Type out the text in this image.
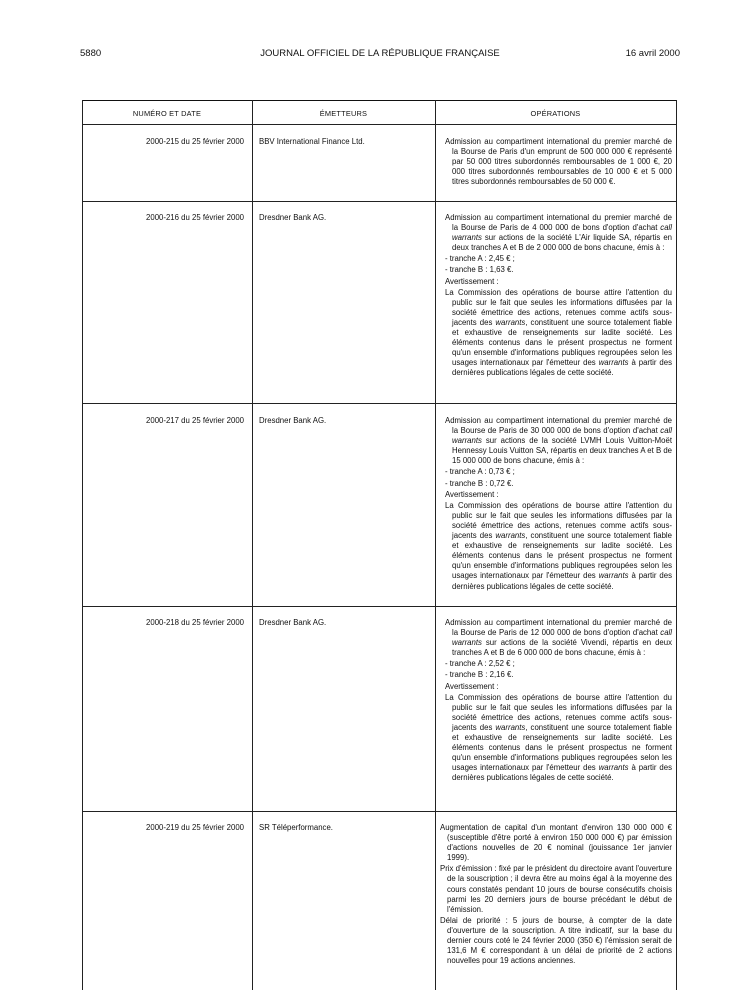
5880	JOURNAL OFFICIEL DE LA RÉPUBLIQUE FRANÇAISE	16 avril 2000
NUMÉRO ET DATE	ÉMETTEURS	OPÉRATIONS
2000-215 du 25 février 2000	BBV International Finance Ltd.	Admission au compartiment international du premier marché de la Bourse de Paris d'un emprunt de 500 000 000 € représenté par 50 000 titres subordonnés remboursables de 1 000 €, 20 000 titres subordonnés remboursables de 10 000 € et 5 000 titres subordonnés remboursables de 50 000 €.

2000-216 du 25 février 2000	Dresdner Bank AG.	Admission au compartiment international du premier marché de la Bourse de Paris de 4 000 000 de bons d'option d'achat call warrants sur actions de la société L'Air liquide SA, répartis en deux tranches A et B de 2 000 000 de bons chacune, émis à :

- tranche A : 2,45 € ;

- tranche B : 1,63 €.

Avertissement :

La Commission des opérations de bourse attire l'attention du public sur le fait que seules les informations diffusées par la société émettrice des actions, retenues comme actifs sous-jacents des warrants, constituent une source totalement fiable et exhaustive de renseignements sur ladite société. Les éléments contenus dans le présent prospectus ne forment qu'un ensemble d'informations publiques regroupées selon les usages internationaux par l'émetteur des warrants à partir des dernières publications légales de cette société.

2000-217 du 25 février 2000	Dresdner Bank AG.	Admission au compartiment international du premier marché de la Bourse de Paris de 30 000 000 de bons d'option d'achat call warrants sur actions de la société LVMH Louis Vuitton-Moët Hennessy Louis Vuitton SA, répartis en deux tranches A et B de 15 000 000 de bons chacune, émis à :

- tranche A : 0,73 € ;

- tranche B : 0,72 €.

Avertissement :

La Commission des opérations de bourse attire l'attention du public sur le fait que seules les informations diffusées par la société émettrice des actions, retenues comme actifs sous-jacents des warrants, constituent une source totalement fiable et exhaustive de renseignements sur ladite société. Les éléments contenus dans le présent prospectus ne forment qu'un ensemble d'informations publiques regroupées selon les usages internationaux par l'émetteur des warrants à partir des dernières publications légales de cette société.

2000-218 du 25 février 2000	Dresdner Bank AG.	Admission au compartiment international du premier marché de la Bourse de Paris de 12 000 000 de bons d'option d'achat call warrants sur actions de la société Vivendi, répartis en deux tranches A et B de 6 000 000 de bons chacune, émis à :

- tranche A : 2,52 € ;

- tranche B : 2,16 €.

Avertissement :

La Commission des opérations de bourse attire l'attention du public sur le fait que seules les informations diffusées par la société émettrice des actions, retenues comme actifs sous-jacents des warrants, constituent une source totalement fiable et exhaustive de renseignements sur ladite société. Les éléments contenus dans le présent prospectus ne forment qu'un ensemble d'informations publiques regroupées selon les usages internationaux par l'émetteur des warrants à partir des dernières publications légales de cette société.

2000-219 du 25 février 2000	SR Téléperformance.	Augmentation de capital d'un montant d'environ 130 000 000 € (susceptible d'être porté à environ 150 000 000 €) par émission d'actions nouvelles de 20 € nominal (jouissance 1er janvier 1999).

Prix d'émission : fixé par le président du directoire avant l'ouverture de la souscription ; il devra être au moins égal à la moyenne des cours constatés pendant 10 jours de bourse consécutifs choisis parmi les 20 derniers jours de bourse précédant le début de l'émission.

Délai de priorité : 5 jours de bourse, à compter de la date d'ouverture de la souscription. A titre indicatif, sur la base du dernier cours coté le 24 février 2000 (350 €) l'émission serait de 131,6 M € correspondant à un délai de priorité de 2 actions nouvelles pour 19 actions anciennes.
